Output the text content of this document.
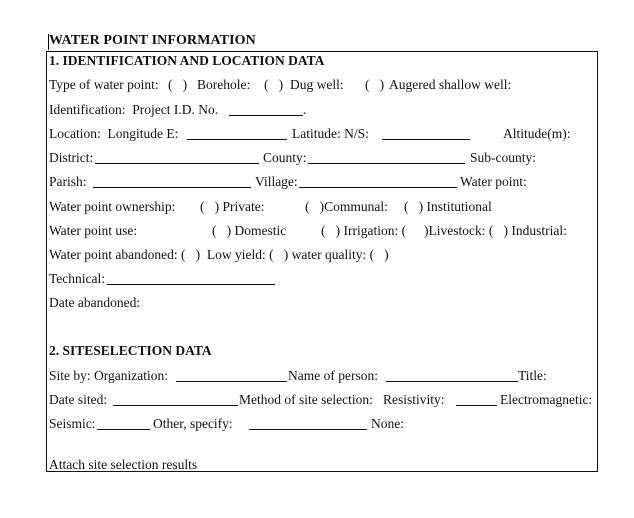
WATER POINT INFORMATION
1. IDENTIFICATION AND LOCATION DATA
Type of water point: (   ) Borehole: (   ) Dug well: (   ) Augered shallow well:
Identification:  Project I.D. No.	.
Location:  Longitude E:	Latitude: N/S:	Altitude(m):
District:	County:	Sub-county:
Parish:	Village:	Water point:
Water point ownership: (   ) Private:	(   )Communal: (   ) Institutional
Water point use:	(   ) Domestic	(   ) Irrigation: ( )Livestock: (   ) Industrial:
Water point abandoned: (   )  Low yield: (   ) water quality: (   )
Technical:
Date abandoned:
2. SITESELECTION DATA
Site by: Organization:	Name of person:	Title:
Date sited:	Method of site selection:   Resistivity:	Electromagnetic:
Seismic:	Other, specify:	None:
Attach site selection results
